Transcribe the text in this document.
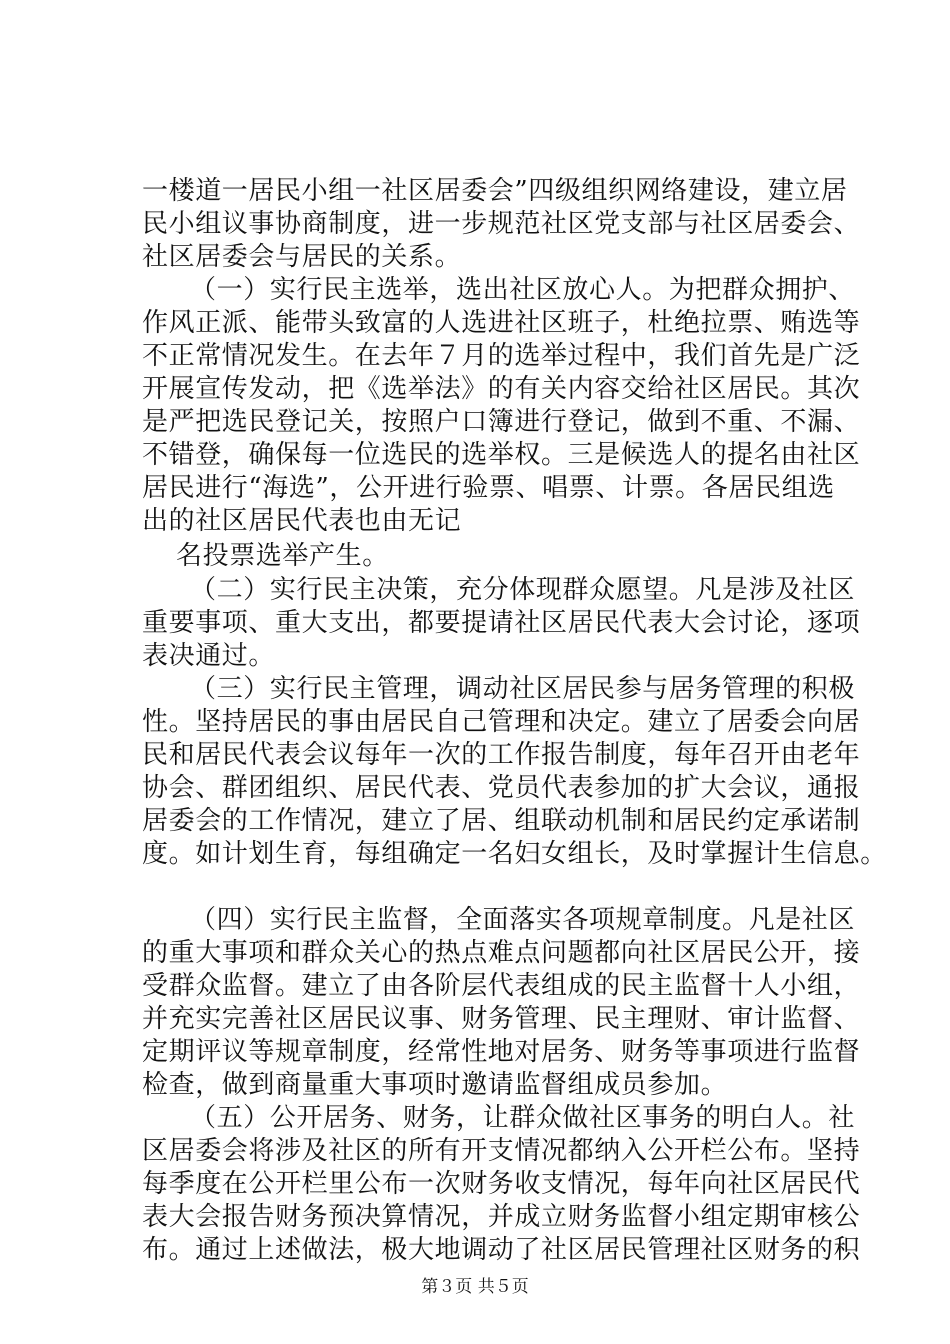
一楼道一居民小组一社区居委会”四级组织网络建设，建立居
民小组议事协商制度，进一步规范社区党支部与社区居委会、
社区居委会与居民的关系。
（一）实行民主选举，选出社区放心人。为把群众拥护、
作风正派、能带头致富的人选进社区班子，杜绝拉票、贿选等
不正常情况发生。在去年７月的选举过程中，我们首先是广泛
开展宣传发动，把《选举法》的有关内容交给社区居民。其次
是严把选民登记关，按照户口簿进行登记，做到不重、不漏、
不错登，确保每一位选民的选举权。三是候选人的提名由社区
居民进行“海选”，公开进行验票、唱票、计票。各居民组选
出的社区居民代表也由无记
名投票选举产生。
（二）实行民主决策，充分体现群众愿望。凡是涉及社区
重要事项、重大支出，都要提请社区居民代表大会讨论，逐项
表决通过。
（三）实行民主管理，调动社区居民参与居务管理的积极
性。坚持居民的事由居民自己管理和决定。建立了居委会向居
民和居民代表会议每年一次的工作报告制度，每年召开由老年
协会、群团组织、居民代表、党员代表参加的扩大会议，通报
居委会的工作情况，建立了居、组联动机制和居民约定承诺制
度。如计划生育，每组确定一名妇女组长，及时掌握计生信息。
（四）实行民主监督，全面落实各项规章制度。凡是社区
的重大事项和群众关心的热点难点问题都向社区居民公开，接
受群众监督。建立了由各阶层代表组成的民主监督十人小组，
并充实完善社区居民议事、财务管理、民主理财、审计监督、
定期评议等规章制度，经常性地对居务、财务等事项进行监督
检查，做到商量重大事项时邀请监督组成员参加。
（五）公开居务、财务，让群众做社区事务的明白人。社
区居委会将涉及社区的所有开支情况都纳入公开栏公布。坚持
每季度在公开栏里公布一次财务收支情况，每年向社区居民代
表大会报告财务预决算情况，并成立财务监督小组定期审核公
布。通过上述做法，极大地调动了社区居民管理社区财务的积
第３页 共５页
